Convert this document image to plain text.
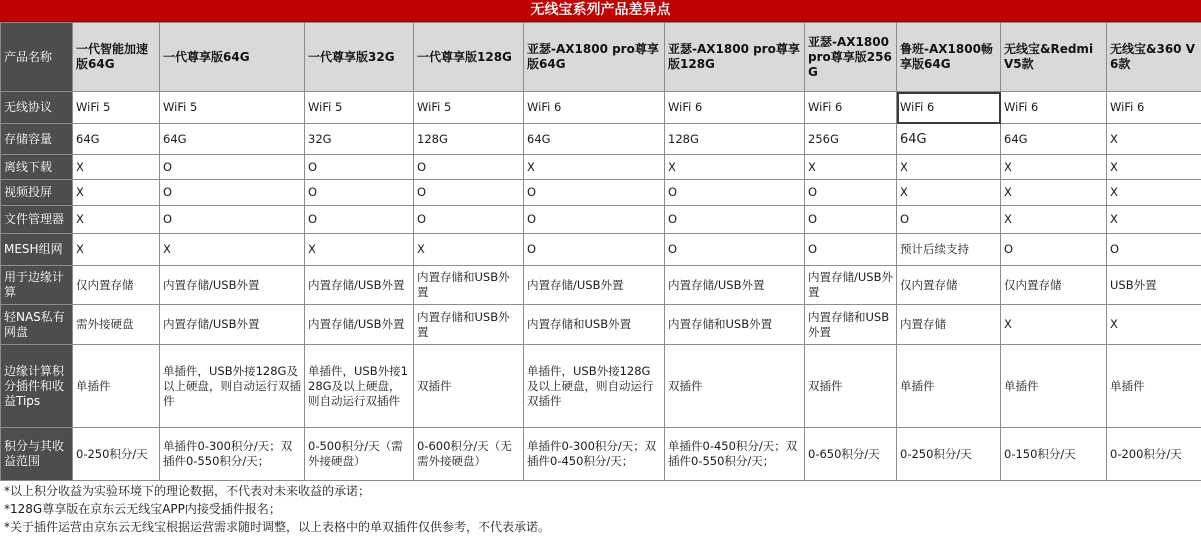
无线宝系列产品差异点
产品名称	一代智能加速版64G	一代尊享版64G	一代尊享版32G	一代尊享版128G	亚瑟-AX1800 pro尊享版64G	亚瑟-AX1800 pro尊享版128G	亚瑟-AX1800 pro尊享版256G	鲁班-AX1800畅享版64G	无线宝&Redmi V5款	无线宝&360 V6款
无线协议	WiFi 5	WiFi 5	WiFi 5	WiFi 5	WiFi 6	WiFi 6	WiFi 6	WiFi 6	WiFi 6	WiFi 6
存储容量	64G	64G	32G	128G	64G	128G	256G	64G	64G	X
离线下载	X	O	O	O	X	X	X	X	X	X
视频投屏	X	O	O	O	O	O	O	X	X	X
文件管理器	X	O	O	O	O	O	O	O	X	X
MESH组网	X	X	X	X	O	O	O	预计后续支持	O	O
用于边缘计算	仅内置存储	内置存储/USB外置	内置存储/USB外置	内置存储和USB外置	内置存储/USB外置	内置存储/USB外置	内置存储/USB外置	仅内置存储	仅内置存储	USB外置
轻NAS私有网盘	需外接硬盘	内置存储/USB外置	内置存储/USB外置	内置存储和USB外置	内置存储和USB外置	内置存储和USB外置	内置存储和USB外置	内置存储	X	X
边缘计算积分插件和收益Tips	单插件	单插件，USB外接128G及以上硬盘，则自动运行双插件	单插件，USB外接128G及以上硬盘，则自动运行双插件	双插件	单插件，USB外接128G及以上硬盘，则自动运行双插件	双插件	双插件	单插件	单插件	单插件
积分与其收益范围	0-250积分/天	单插件0-300积分/天；双插件0-550积分/天；	0-500积分/天（需外接硬盘）	0-600积分/天（无需外接硬盘）	单插件0-300积分/天；双插件0-450积分/天；	单插件0-450积分/天；双插件0-550积分/天；	0-650积分/天	0-250积分/天	0-150积分/天	0-200积分/天
*以上积分收益为实验环境下的理论数据，不代表对未来收益的承诺；
*128G尊享版在京东云无线宝APP内接受插件报名；
*关于插件运营由京东云无线宝根据运营需求随时调整，以上表格中的单双插件仅供参考，不代表承诺。
